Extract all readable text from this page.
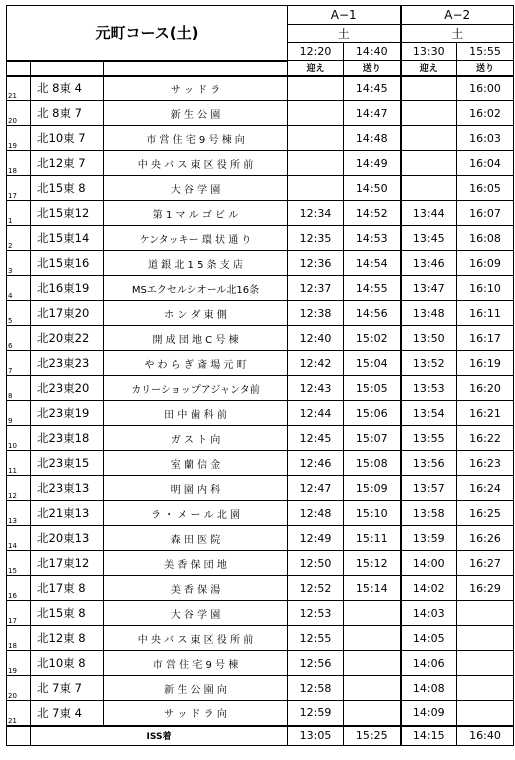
元町コース(土)			A−1		A−2	
			土		土	
			12:20	14:40	13:30	15:55
			迎え	送り	迎え	送り
21	北 8東 4	サ ッ ド ラ		14:45		16:00
20	北 8東 7	新 生 公 園		14:47		16:02
19	北10東 7	市 営 住 宅 9 号 棟 向		14:48		16:03
18	北12東 7	中 央 バ ス 東 区 役 所 前		14:49		16:04
17	北15東 8	大 谷 学 園		14:50		16:05
1	北15東12	第 1 マ ル ゴ ビ ル	12:34	14:52	13:44	16:07
2	北15東14	ケンタッキー 環 状 通 り	12:35	14:53	13:45	16:08
3	北15東16	道 銀 北 1 5 条 支 店	12:36	14:54	13:46	16:09
4	北16東19	MSエクセルシオール北16条	12:37	14:55	13:47	16:10
5	北17東20	ホ ン ダ 東 側	12:38	14:56	13:48	16:11
6	北20東22	開 成 団 地 C 号 棟	12:40	15:02	13:50	16:17
7	北23東23	や わ ら ぎ 斎 場 元 町	12:42	15:04	13:52	16:19
8	北23東20	カリーショップアジャンタ前	12:43	15:05	13:53	16:20
9	北23東19	田 中 歯 科 前	12:44	15:06	13:54	16:21
10	北23東18	ガ ス ト 向	12:45	15:07	13:55	16:22
11	北23東15	室 蘭 信 金	12:46	15:08	13:56	16:23
12	北23東13	明 園 内 科	12:47	15:09	13:57	16:24
13	北21東13	ラ ・ メ ー ル 北 園	12:48	15:10	13:58	16:25
14	北20東13	森 田 医 院	12:49	15:11	13:59	16:26
15	北17東12	美 香 保 団 地	12:50	15:12	14:00	16:27
16	北17東 8	美 香 保 湯	12:52	15:14	14:02	16:29
17	北15東 8	大 谷 学 園	12:53		14:03	
18	北12東 8	中 央 バ ス 東 区 役 所 前	12:55		14:05	
19	北10東 8	市 営 住 宅 9 号 棟	12:56		14:06	
20	北 7東 7	新 生 公 園 向	12:58		14:08	
21	北 7東 4	サ ッ ド ラ 向	12:59		14:09	
	ISS着		13:05	15:25	14:15	16:40
